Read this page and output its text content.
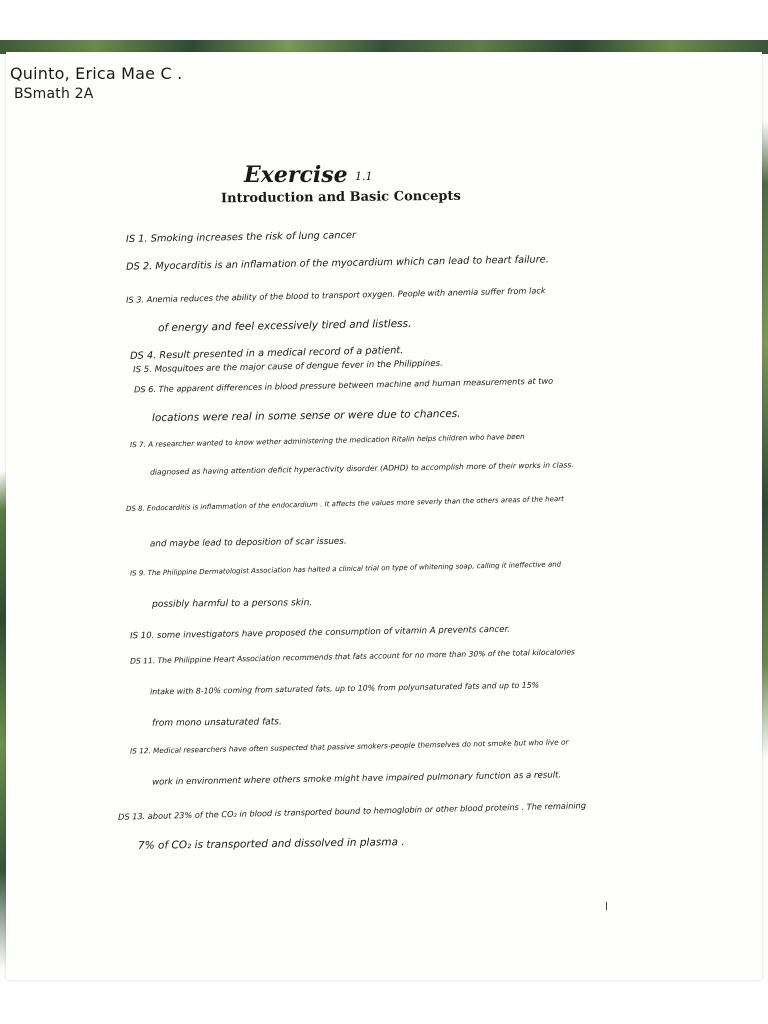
Quinto, Erica Mae C .
BSmath 2A
Exercise 1.1
Introduction and Basic Concepts
IS 1. Smoking increases the risk of lung cancer
DS 2. Myocarditis is an inflamation of the myocardium which can lead to heart failure.
IS 3. Anemia reduces the ability of the blood to transport oxygen. People with anemia suffer from lack
of energy and feel excessively tired and listless.
DS 4. Result presented in a medical record of a patient.
IS 5. Mosquitoes are the major cause of dengue fever in the Philippines.
DS 6. The apparent differences in blood pressure between machine and human measurements at two
locations were real in some sense or were due to chances.
IS 7. A researcher wanted to know wether administering the medication Ritalin helps children who have been
diagnosed as having attention deficit hyperactivity disorder (ADHD) to accomplish more of their works in class.
DS 8. Endocarditis is inflammation of the endocardium . It affects the values more severly than the others areas of the heart
and maybe lead to deposition of scar issues.
IS 9. The Philippine Dermatologist Association has halted a clinical trial on type of whitening soap, calling it ineffective and
possibly harmful to a persons skin.
IS 10. some investigators have proposed the consumption of vitamin A prevents cancer.
DS 11. The Philippine Heart Association recommends that fats account for no more than 30% of the total kilocalories
intake with 8-10% coming from saturated fats, up to 10% from polyunsaturated fats and up to 15%
from mono unsaturated fats.
IS 12. Medical researchers have often suspected that passive smokers-people themselves do not smoke but who live or
work in environment where others smoke might have impaired pulmonary function as a result.
DS 13. about 23% of the CO₂ in blood is transported bound to hemoglobin or other blood proteins . The remaining
7% of CO₂ is transported and dissolved in plasma .
